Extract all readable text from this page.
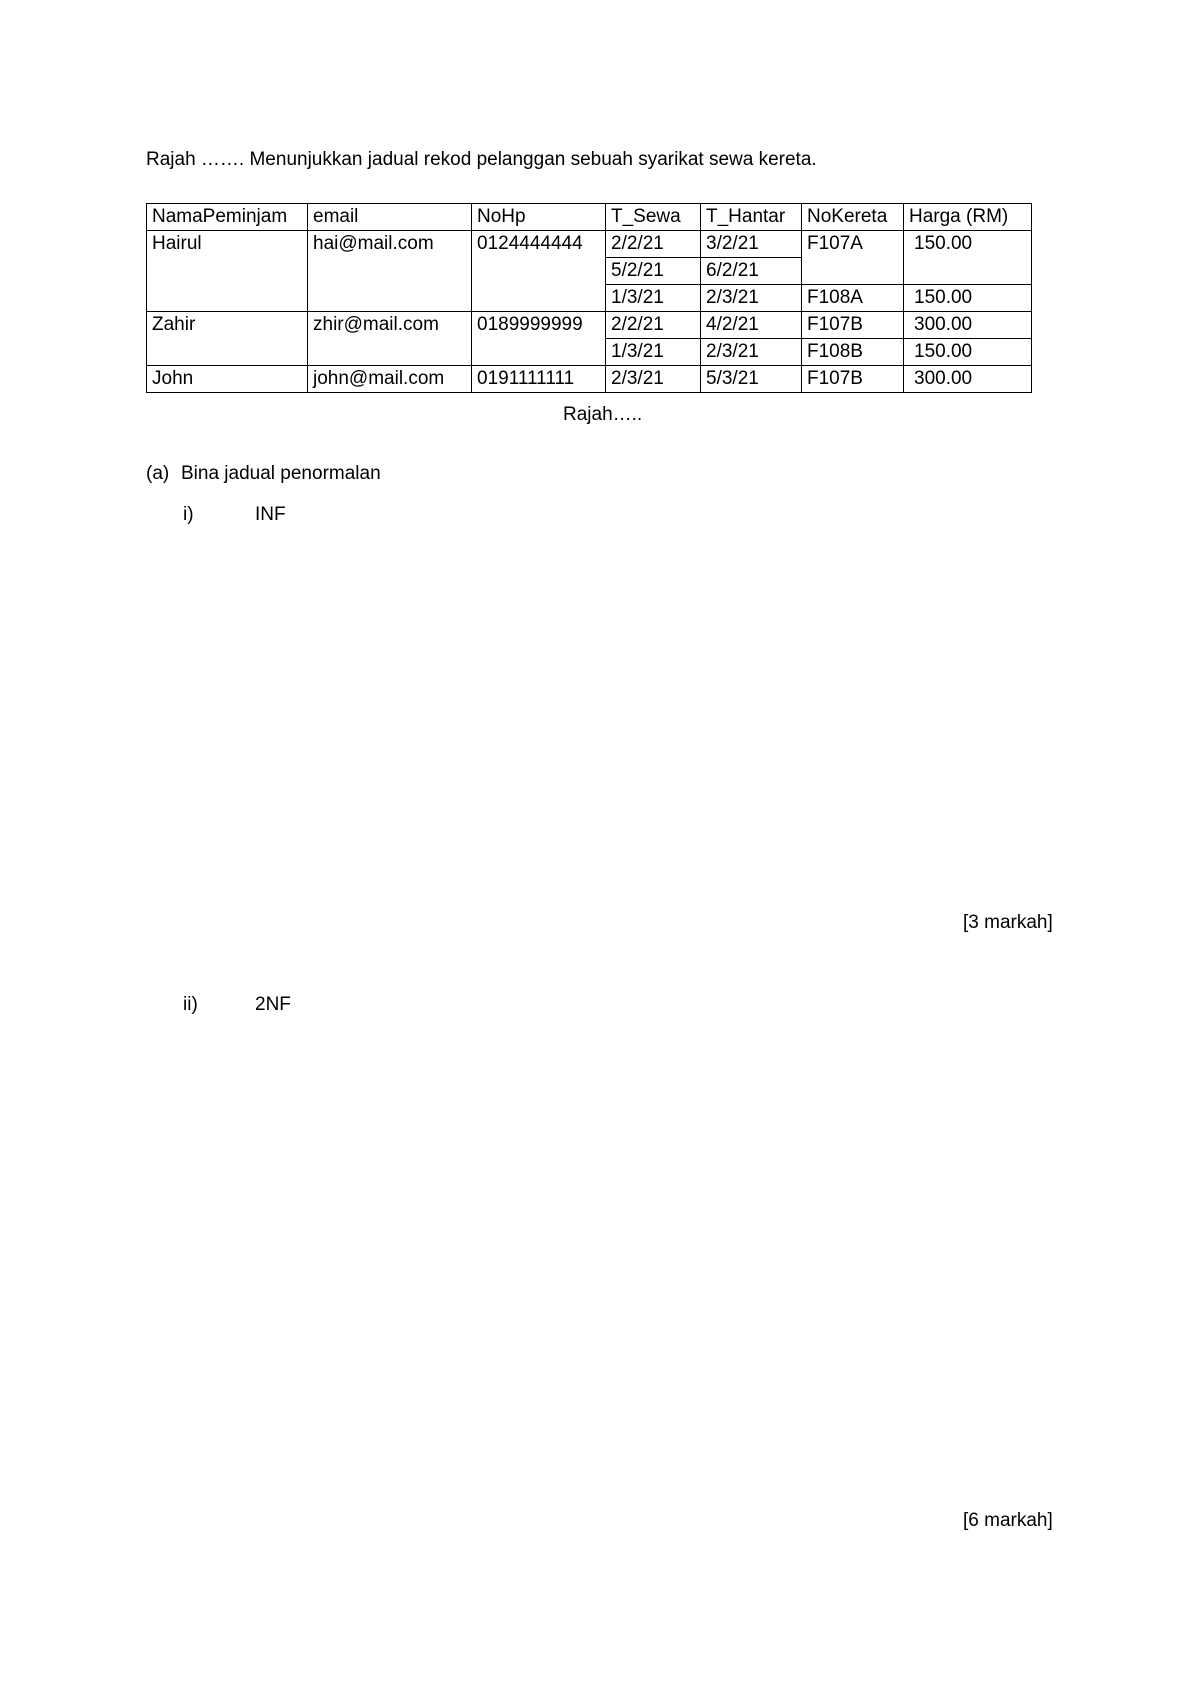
Rajah ……. Menunjukkan jadual rekod pelanggan sebuah syarikat sewa kereta.
NamaPeminjam	email	NoHp	T_Sewa	T_Hantar	NoKereta	Harga (RM)
Hairul	hai@mail.com	0124444444	2/2/21	3/2/21	F107A	150.00
			5/2/21	6/2/21		
			1/3/21	2/3/21	F108A	150.00
Zahir	zhir@mail.com	0189999999	2/2/21	4/2/21	F107B	300.00
			1/3/21	2/3/21	F108B	150.00
John	john@mail.com	0191111111	2/3/21	5/3/21	F107B	300.00
Rajah…..
(a) Bina jadual penormalan
i)	INF
[3 markah]
ii)	2NF
[6 markah]
